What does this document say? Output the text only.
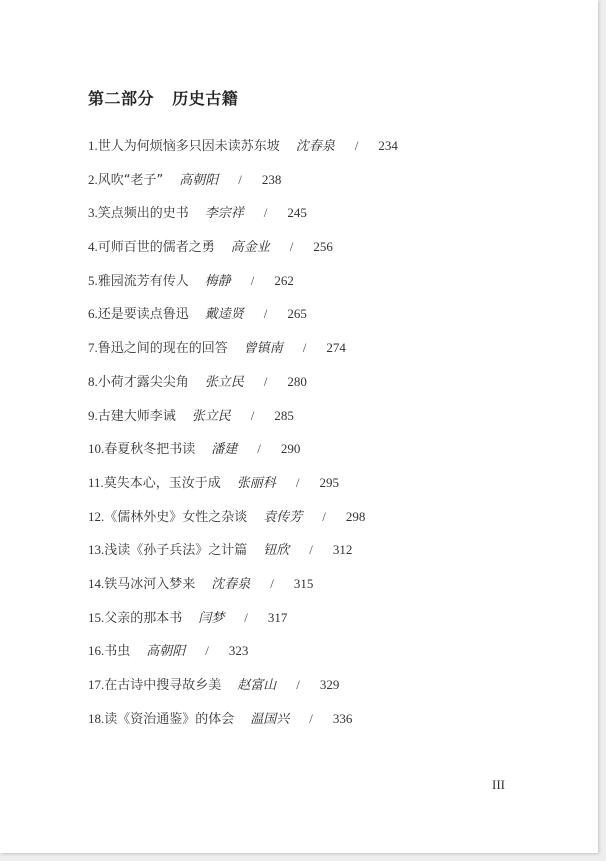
第二部分   历史古籍
1.世人为何烦恼多只因未读苏东坡 沈春泉 / 234
2.风吹“老子” 高朝阳 / 238
3.笑点频出的史书 李宗祥 / 245
4.可师百世的儒者之勇 高金业 / 256
5.雅园流芳有传人 梅静 / 262
6.还是要读点鲁迅 戴逵贤 / 265
7.鲁迅之间的现在的回答 曾镇南 / 274
8.小荷才露尖尖角 张立民 / 280
9.古建大师李诫 张立民 / 285
10.春夏秋冬把书读 潘建 / 290
11.莫失本心，玉汝于成 张丽科 / 295
12.《儒林外史》女性之杂谈 袁传芳 / 298
13.浅读《孙子兵法》之计篇 钮欣 / 312
14.铁马冰河入梦来 沈春泉 / 315
15.父亲的那本书 闫梦 / 317
16.书虫 高朝阳 / 323
17.在古诗中搜寻故乡美 赵富山 / 329
18.读《资治通鉴》的体会 温国兴 / 336
III
